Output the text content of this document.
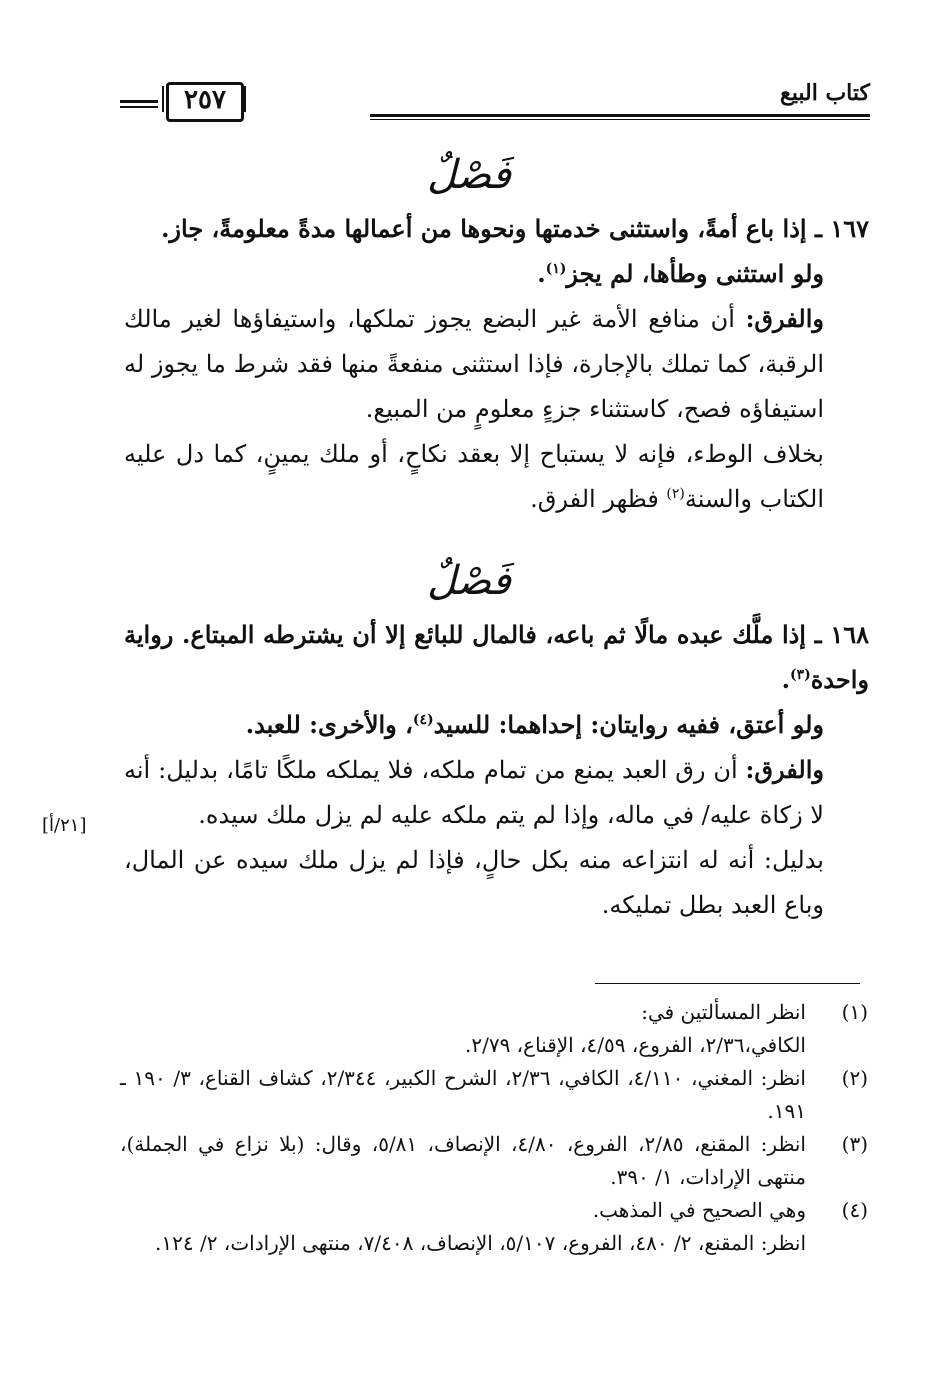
كتاب البيع
٢٥٧
فَصْلٌ
١٦٧ ـ إذا باع أمةً، واستثنى خدمتها ونحوها من أعمالها مدةً معلومةً، جاز.
ولو استثنى وطأها، لم يجز$^{(١)}$.
والفرق: أن منافع الأمة غير البضع يجوز تملكها، واستيفاؤها لغير مالك الرقبة، كما تملك بالإجارة، فإذا استثنى منفعةً منها فقد شرط ما يجوز له استيفاؤه فصح، كاستثناء جزءٍ معلومٍ من المبيع.
بخلاف الوطء، فإنه لا يستباح إلا بعقد نكاحٍ، أو ملك يمينٍ، كما دل عليه الكتاب والسنة$^{(٢)}$ فظهر الفرق.
فَصْلٌ
١٦٨ ـ إذا ملَّك عبده مالًا ثم باعه، فالمال للبائع إلا أن يشترطه المبتاع. رواية واحدة$^{(٣)}$.
ولو أعتق، ففيه روايتان: إحداهما: للسيد$^{(٤)}$، والأخرى: للعبد.
والفرق: أن رق العبد يمنع من تمام ملكه، فلا يملكه ملكًا تامًا، بدليل: أنه لا زكاة عليه/ في ماله، وإذا لم يتم ملكه عليه لم يزل ملك سيده.
بدليل: أنه له انتزاعه منه بكل حالٍ، فإذا لم يزل ملك سيده عن المال، وباع العبد بطل تمليكه.
[٢١/أ]
(١)
انظر المسألتين في:
الكافي،٢/٣٦، الفروع، ٤/٥٩، الإقناع، ٢/٧٩.
(٢)
انظر: المغني، ٤/١١٠، الكافي، ٢/٣٦، الشرح الكبير، ٢/٣٤٤، كشاف القناع، ٣/ ١٩٠ ـ ١٩١.
(٣)
انظر: المقنع، ٢/٨٥، الفروع، ٤/٨٠، الإنصاف، ٥/٨١، وقال: (بلا نزاع في الجملة)، منتهى الإرادات، ١/ ٣٩٠.
(٤)
وهي الصحيح في المذهب.
انظر: المقنع، ٢/ ٤٨٠، الفروع، ٥/١٠٧، الإنصاف، ٧/٤٠٨، منتهى الإرادات، ٢/ ١٢٤.
